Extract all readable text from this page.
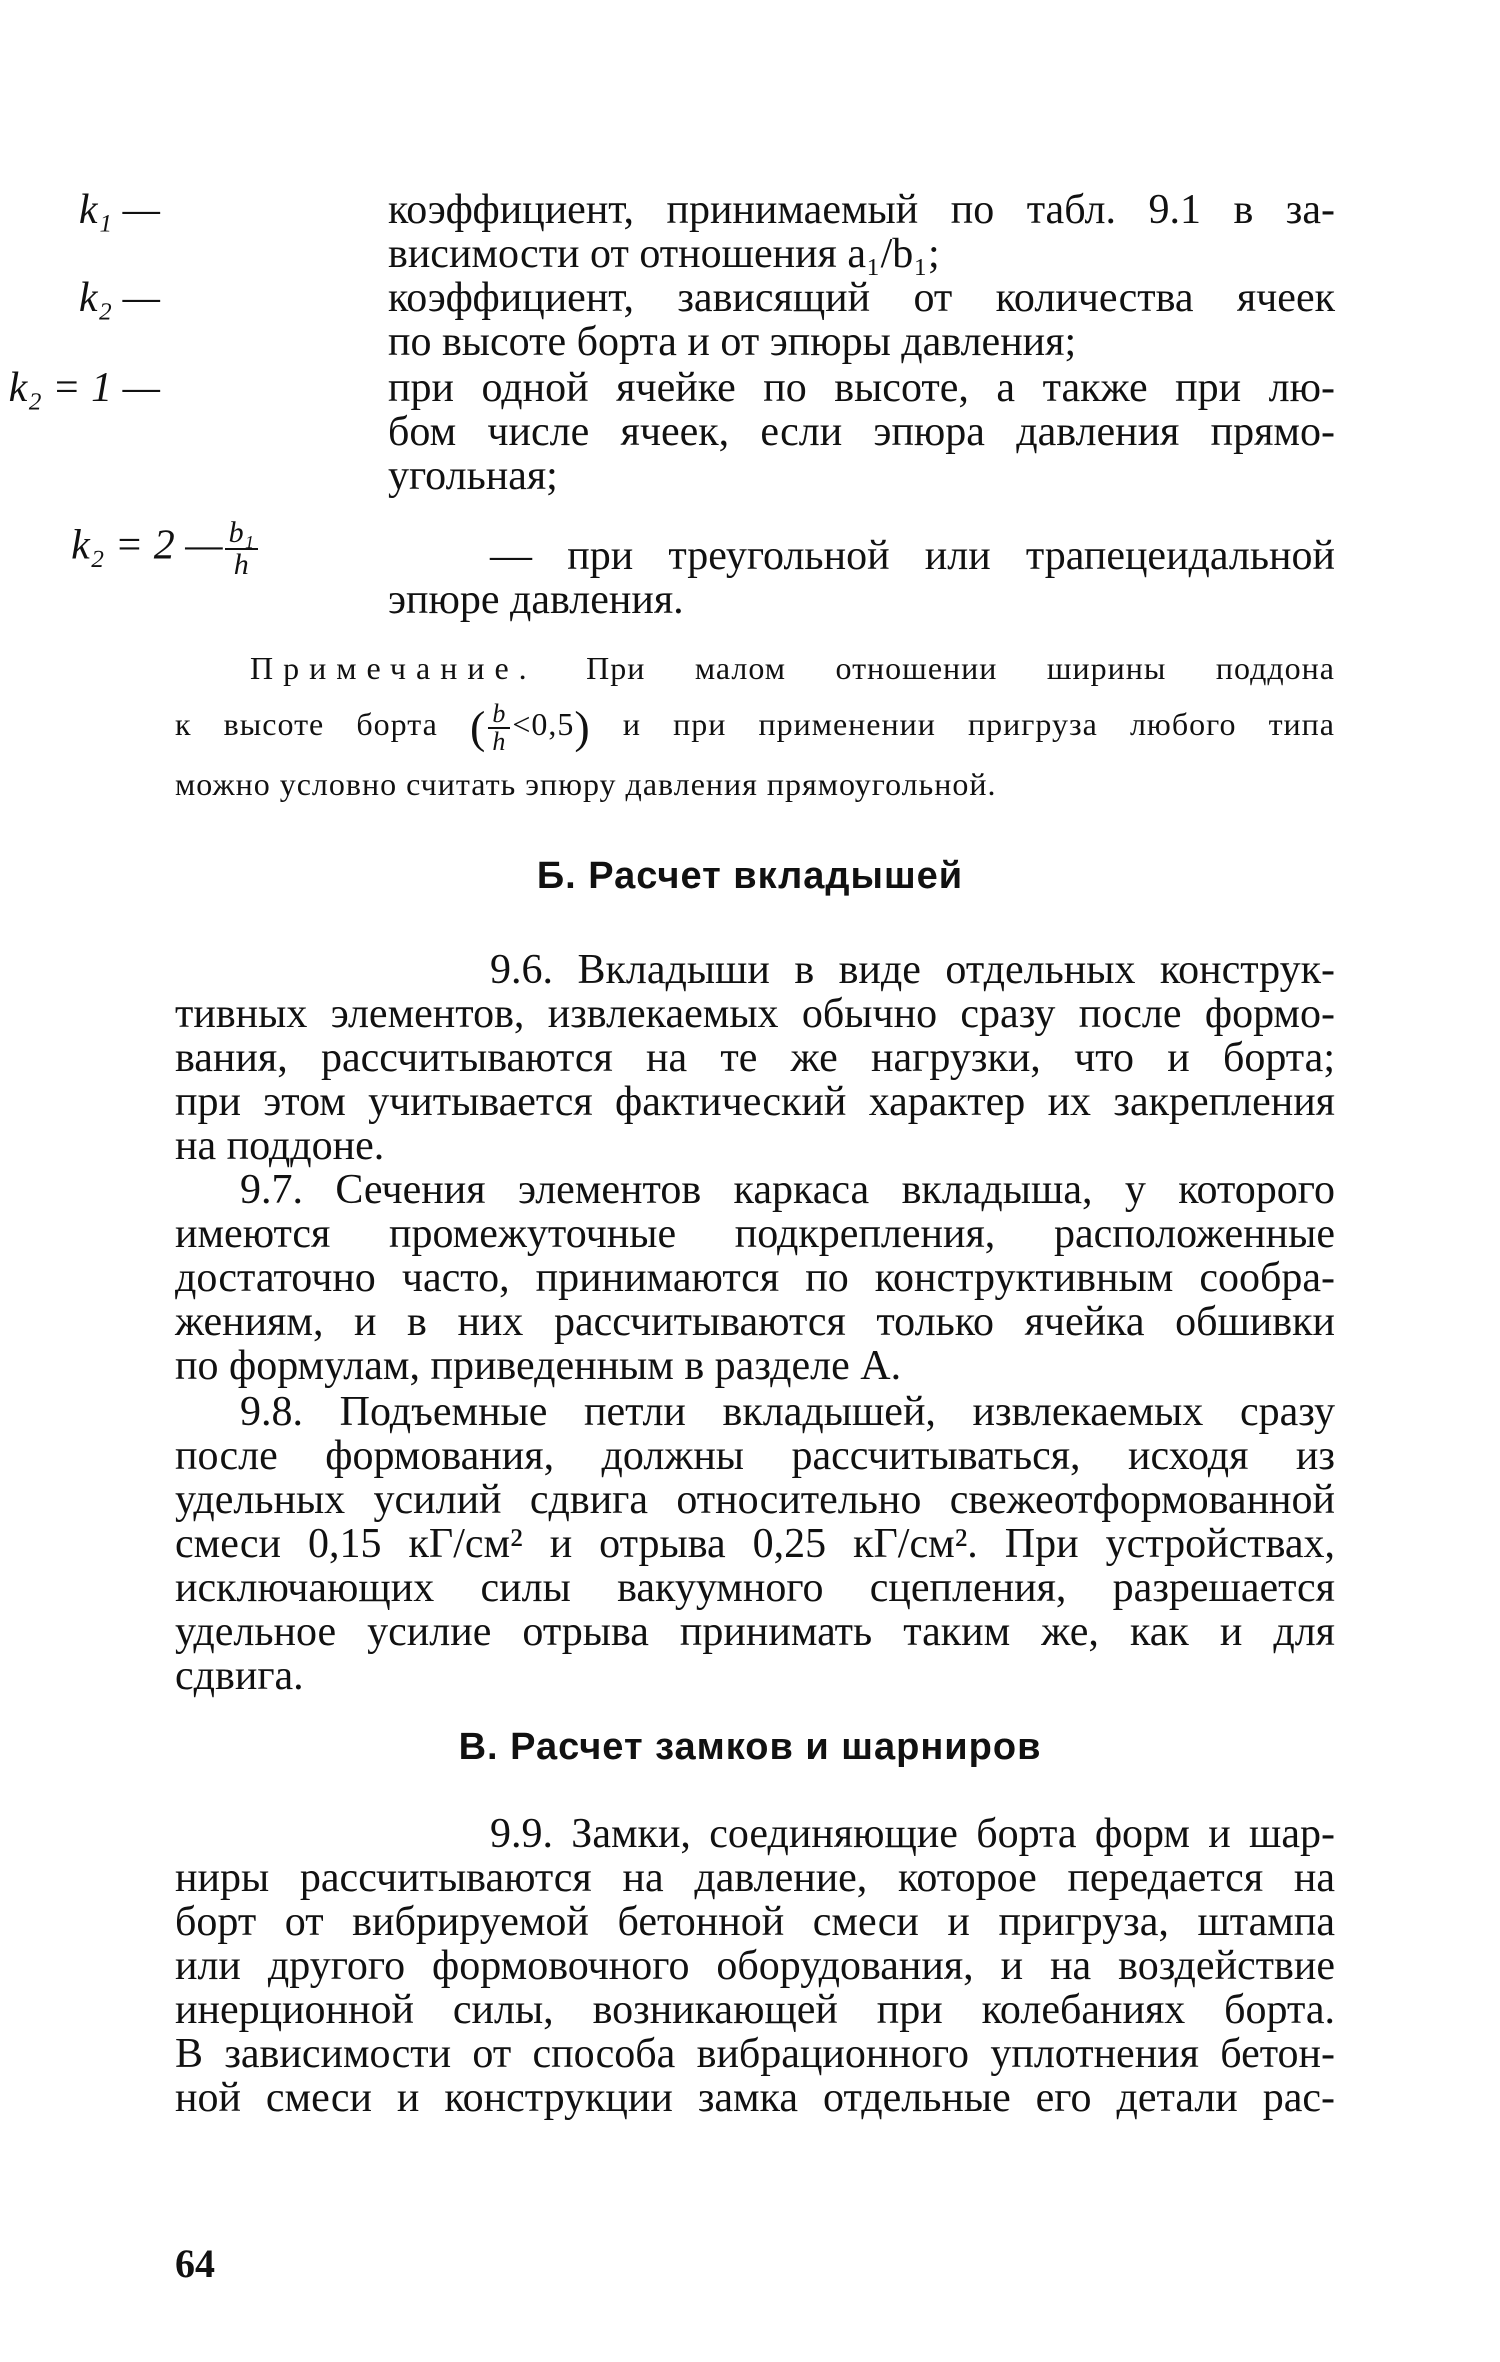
k₁ —	коэффициент, принимаемый по табл. 9.1 в за-
висимости от отношения a₁/b₁;
k₂ —	коэффициент, зависящий от количества ячеек
по высоте борта и от эпюры давления;
k₂ = 1 —	при одной ячейке по высоте, а также при лю-
бом числе ячеек, если эпюра давления прямо-
угольная;
k₂ = 2 — $\frac{\text{b₁}}{h}$	— при треугольной или трапецеидальной
эпюре давления.
Примечание. При малом отношении ширины поддона
к высоте борта ( $\frac{b}{h} <0,5$) и при применении пригруза любого типа
можно условно считать эпюру давления прямоугольной.
Б. Расчет вкладышей
9.6. Вкладыши в виде отдельных конструк-
тивных элементов, извлекаемых обычно сразу после формо-
вания, рассчитываются на те же нагрузки, что и борта;
при этом учитывается фактический характер их закрепления
на поддоне.
9.7. Сечения элементов каркаса вкладыша, у которого
имеются промежуточные подкрепления, расположенные
достаточно часто, принимаются по конструктивным сообра-
жениям, и в них рассчитываются только ячейка обшивки
по формулам, приведенным в разделе А.
9.8. Подъемные петли вкладышей, извлекаемых сразу
после формования, должны рассчитываться, исходя из
удельных усилий сдвига относительно свежеотформованной
смеси 0,15 кГ/см² и отрыва 0,25 кГ/см². При устройствах,
исключающих силы вакуумного сцепления, разрешается
удельное усилие отрыва принимать таким же, как и для
сдвига.
В. Расчет замков и шарниров
9.9. Замки, соединяющие борта форм и шар-
ниры рассчитываются на давление, которое передается на
борт от вибрируемой бетонной смеси и пригруза, штампа
или другого формовочного оборудования, и на воздействие
инерционной силы, возникающей при колебаниях борта.
В зависимости от способа вибрационного уплотнения бетон-
ной смеси и конструкции замка отдельные его детали рас-
64
